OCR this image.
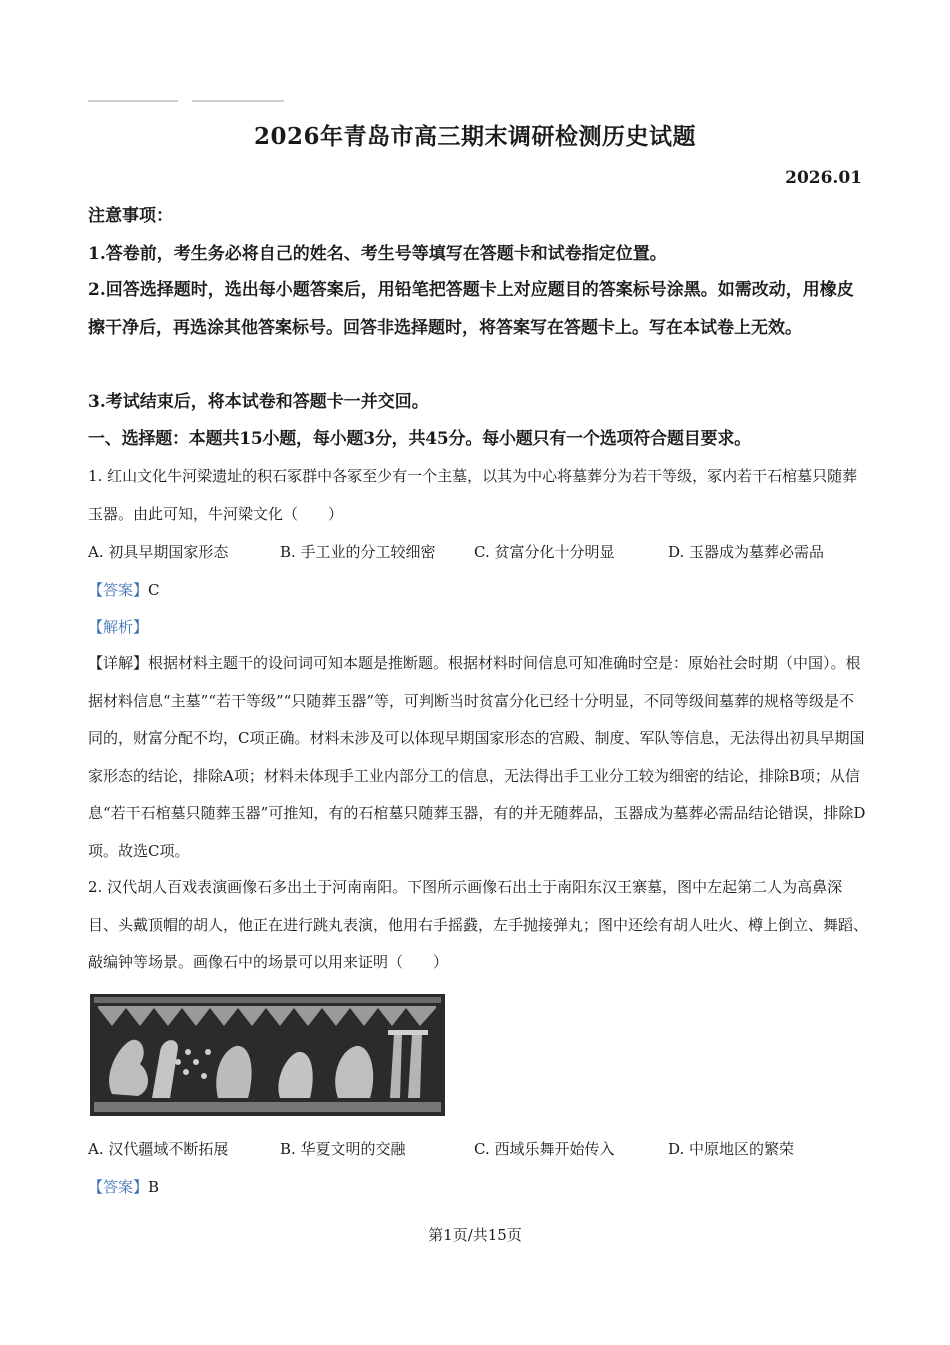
2026年青岛市高三期末调研检测历史试题
2026.01
注意事项：
1.答卷前，考生务必将自己的姓名、考生号等填写在答题卡和试卷指定位置。
2.回答选择题时，选出每小题答案后，用铅笔把答题卡上对应题目的答案标号涂黑。如需改动，用橡皮擦干净后，再选涂其他答案标号。回答非选择题时，将答案写在答题卡上。写在本试卷上无效。
3.考试结束后，将本试卷和答题卡一并交回。
一、选择题：本题共15小题，每小题3分，共45分。每小题只有一个选项符合题目要求。
1. 红山文化牛河梁遗址的积石冢群中各冢至少有一个主墓，以其为中心将墓葬分为若干等级，冢内若干石棺墓只随葬玉器。由此可知，牛河梁文化（　　）
A. 初具早期国家形态	B. 手工业的分工较细密	C. 贫富分化十分明显	D. 玉器成为墓葬必需品
【答案】C
【解析】
【详解】根据材料主题干的设问词可知本题是推断题。根据材料时间信息可知准确时空是：原始社会时期（中国）。根据材料信息“主墓”“若干等级”“只随葬玉器”等，可判断当时贫富分化已经十分明显，不同等级间墓葬的规格等级是不同的，财富分配不均，C项正确。材料未涉及可以体现早期国家形态的宫殿、制度、军队等信息，无法得出初具早期国家形态的结论，排除A项；材料未体现手工业内部分工的信息，无法得出手工业分工较为细密的结论，排除B项；从信息“若干石棺墓只随葬玉器”可推知，有的石棺墓只随葬玉器，有的并无随葬品，玉器成为墓葬必需品结论错误，排除D项。故选C项。
2. 汉代胡人百戏表演画像石多出土于河南南阳。下图所示画像石出土于南阳东汉王寨墓，图中左起第二人为高鼻深目、头戴顶帽的胡人，他正在进行跳丸表演，他用右手摇鼗，左手抛接弹丸；图中还绘有胡人吐火、樽上倒立、舞蹈、敲编钟等场景。画像石中的场景可以用来证明（　　）
A. 汉代疆域不断拓展	B. 华夏文明的交融	C. 西域乐舞开始传入	D. 中原地区的繁荣
【答案】B
第1页/共15页
